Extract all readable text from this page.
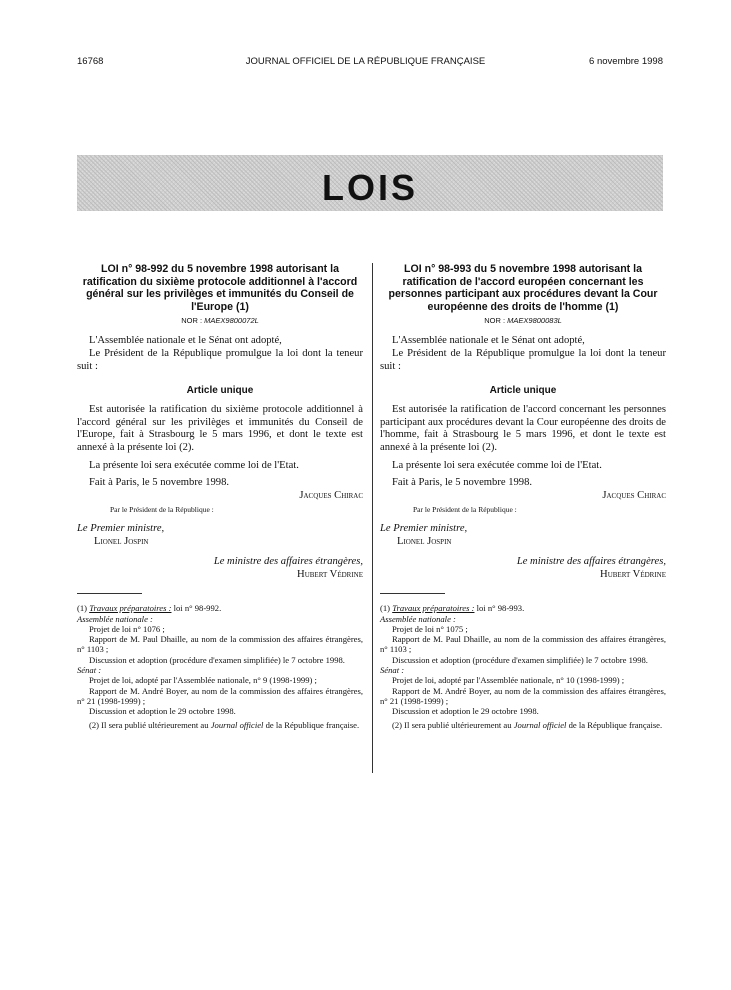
16768	JOURNAL OFFICIEL DE LA RÉPUBLIQUE FRANÇAISE	6 novembre 1998
LOIS
LOI n° 98-992 du 5 novembre 1998 autorisant la ratification du sixième protocole additionnel à l'accord général sur les privilèges et immunités du Conseil de l'Europe (1)
NOR : MAEX9800072L

L'Assemblée nationale et le Sénat ont adopté,

Le Président de la République promulgue la loi dont la teneur suit :

Article unique

Est autorisée la ratification du sixième protocole additionnel à l'accord général sur les privilèges et immunités du Conseil de l'Europe, fait à Strasbourg le 5 mars 1996, et dont le texte est annexé à la présente loi (2).

La présente loi sera exécutée comme loi de l'Etat.

Fait à Paris, le 5 novembre 1998.

Jacques Chirac

Par le Président de la République :

Le Premier ministre,

Lionel Jospin

Le ministre des affaires étrangères,

Hubert Védrine

(1) Travaux préparatoires : loi n° 98-992.

Assemblée nationale :

Projet de loi n° 1076 ;

Rapport de M. Paul Dhaille, au nom de la commission des affaires étrangères, n° 1103 ;

Discussion et adoption (procédure d'examen simplifiée) le 7 octobre 1998.

Sénat :

Projet de loi, adopté par l'Assemblée nationale, n° 9 (1998-1999) ;

Rapport de M. André Boyer, au nom de la commission des affaires étrangères, n° 21 (1998-1999) ;

Discussion et adoption le 29 octobre 1998.

(2) Il sera publié ultérieurement au Journal officiel de la République française.

LOI n° 98-993 du 5 novembre 1998 autorisant la ratification de l'accord européen concernant les personnes participant aux procédures devant la Cour européenne des droits de l'homme (1)
NOR : MAEX9800083L

L'Assemblée nationale et le Sénat ont adopté,

Le Président de la République promulgue la loi dont la teneur suit :

Article unique

Est autorisée la ratification de l'accord concernant les personnes participant aux procédures devant la Cour européenne des droits de l'homme, fait à Strasbourg le 5 mars 1996, et dont le texte est annexé à la présente loi (2).

La présente loi sera exécutée comme loi de l'Etat.

Fait à Paris, le 5 novembre 1998.

Jacques Chirac

Par le Président de la République :

Le Premier ministre,

Lionel Jospin

Le ministre des affaires étrangères,

Hubert Védrine

(1) Travaux préparatoires : loi n° 98-993.

Assemblée nationale :

Projet de loi n° 1075 ;

Rapport de M. Paul Dhaille, au nom de la commission des affaires étrangères, n° 1103 ;

Discussion et adoption (procédure d'examen simplifiée) le 7 octobre 1998.

Sénat :

Projet de loi, adopté par l'Assemblée nationale, n° 10 (1998-1999) ;

Rapport de M. André Boyer, au nom de la commission des affaires étrangères, n° 21 (1998-1999) ;

Discussion et adoption le 29 octobre 1998.

(2) Il sera publié ultérieurement au Journal officiel de la République française.
